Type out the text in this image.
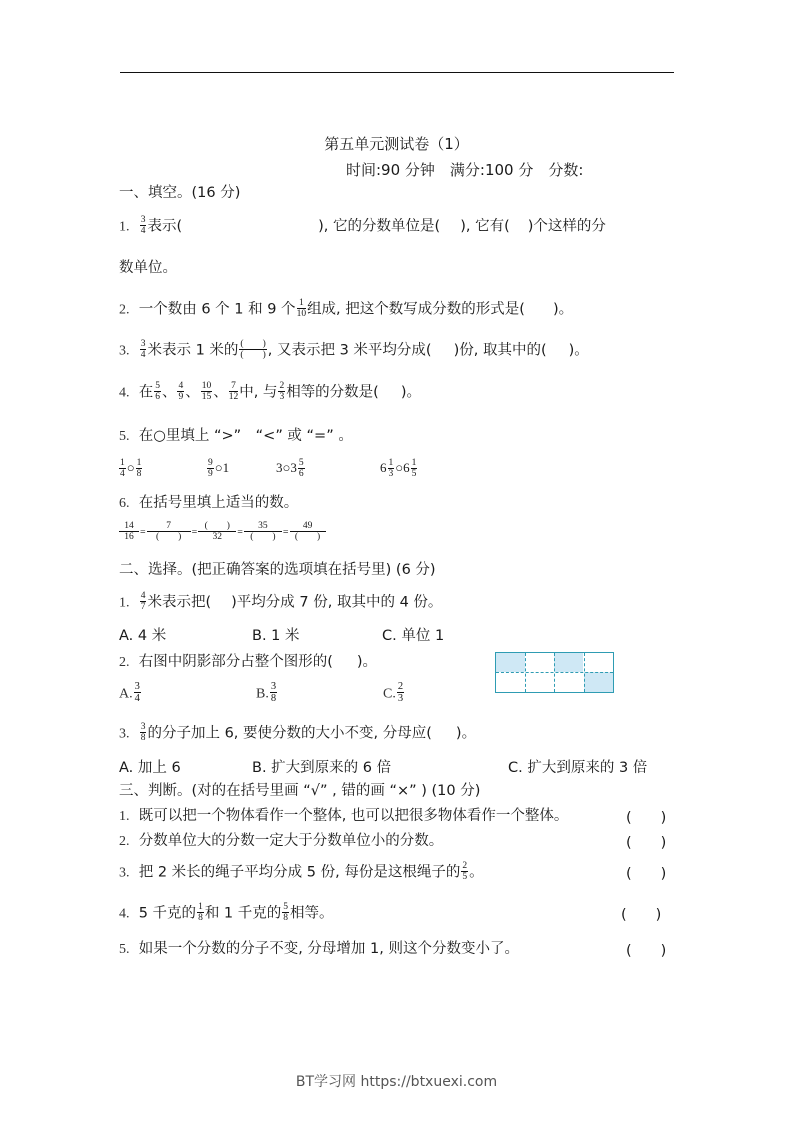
第五单元测试卷（1）
时间:90 分钟　满分:100 分　分数:
一、填空。(16 分)
1. $\frac{3}{4}$ 表示(	), 它的分数单位是( ), 它有( )个这样的分
数单位。
2. 一个数由 6 个 1 和 9 个 $\frac{1}{10}$ 组成, 把这个数写成分数的形式是( )。
3. $\frac{3}{4}$ 米表示 1 米的 $\frac{( )}{( )}$ , 又表示把 3 米平均分成( )份, 取其中的( )。
4. 在 $\frac{5}{6}$ 、 $\frac{4}{9}$ 、 $\frac{10}{15}$ 、 $\frac{7}{12}$ 中, 与 $\frac{2}{3}$ 相等的分数是( )。
5. 在○里填上 “>”　“<” 或 “=” 。
$\frac{1}{4}$ ○ $\frac{1}{8}$	$\frac{9}{9}$ ○1	3○3 $\frac{5}{6}$	$6 \frac{1}{3}$ ○6 $\frac{1}{5}$
6. 在括号里填上适当的数。
$\frac{14}{16} = \frac{7}{( )} = \frac{( )}{32} = \frac{35}{( )} = \frac{49}{( )}$
二、选择。(把正确答案的选项填在括号里) (6 分)
1. $\frac{4}{7}$ 米表示把( )平均分成 7 份, 取其中的 4 份。
A. 4 米	B. 1 米	C. 单位 1
2. 右图中阴影部分占整个图形的( )。
A. $\frac{3}{4}$	B. $\frac{3}{8}$	C. $\frac{2}{3}$
3. $\frac{3}{8}$ 的分子加上 6, 要使分数的大小不变, 分母应( )。
A. 加上 6	B. 扩大到原来的 6 倍	C. 扩大到原来的 3 倍
三、判断。(对的在括号里画 “√” , 错的画 “×” ) (10 分)
1. 既可以把一个物体看作一个整体, 也可以把很多物体看作一个整体。	(　　)
2. 分数单位大的分数一定大于分数单位小的分数。	(　　)
3. 把 2 米长的绳子平均分成 5 份, 每份是这根绳子的 $\frac{2}{5}$ 。	(　　)
4. 5 千克的 $\frac{1}{8}$ 和 1 千克的 $\frac{5}{8}$ 相等。	(　　)
5. 如果一个分数的分子不变, 分母增加 1, 则这个分数变小了。	(　　)
BT学习网 https://btxuexi.com
